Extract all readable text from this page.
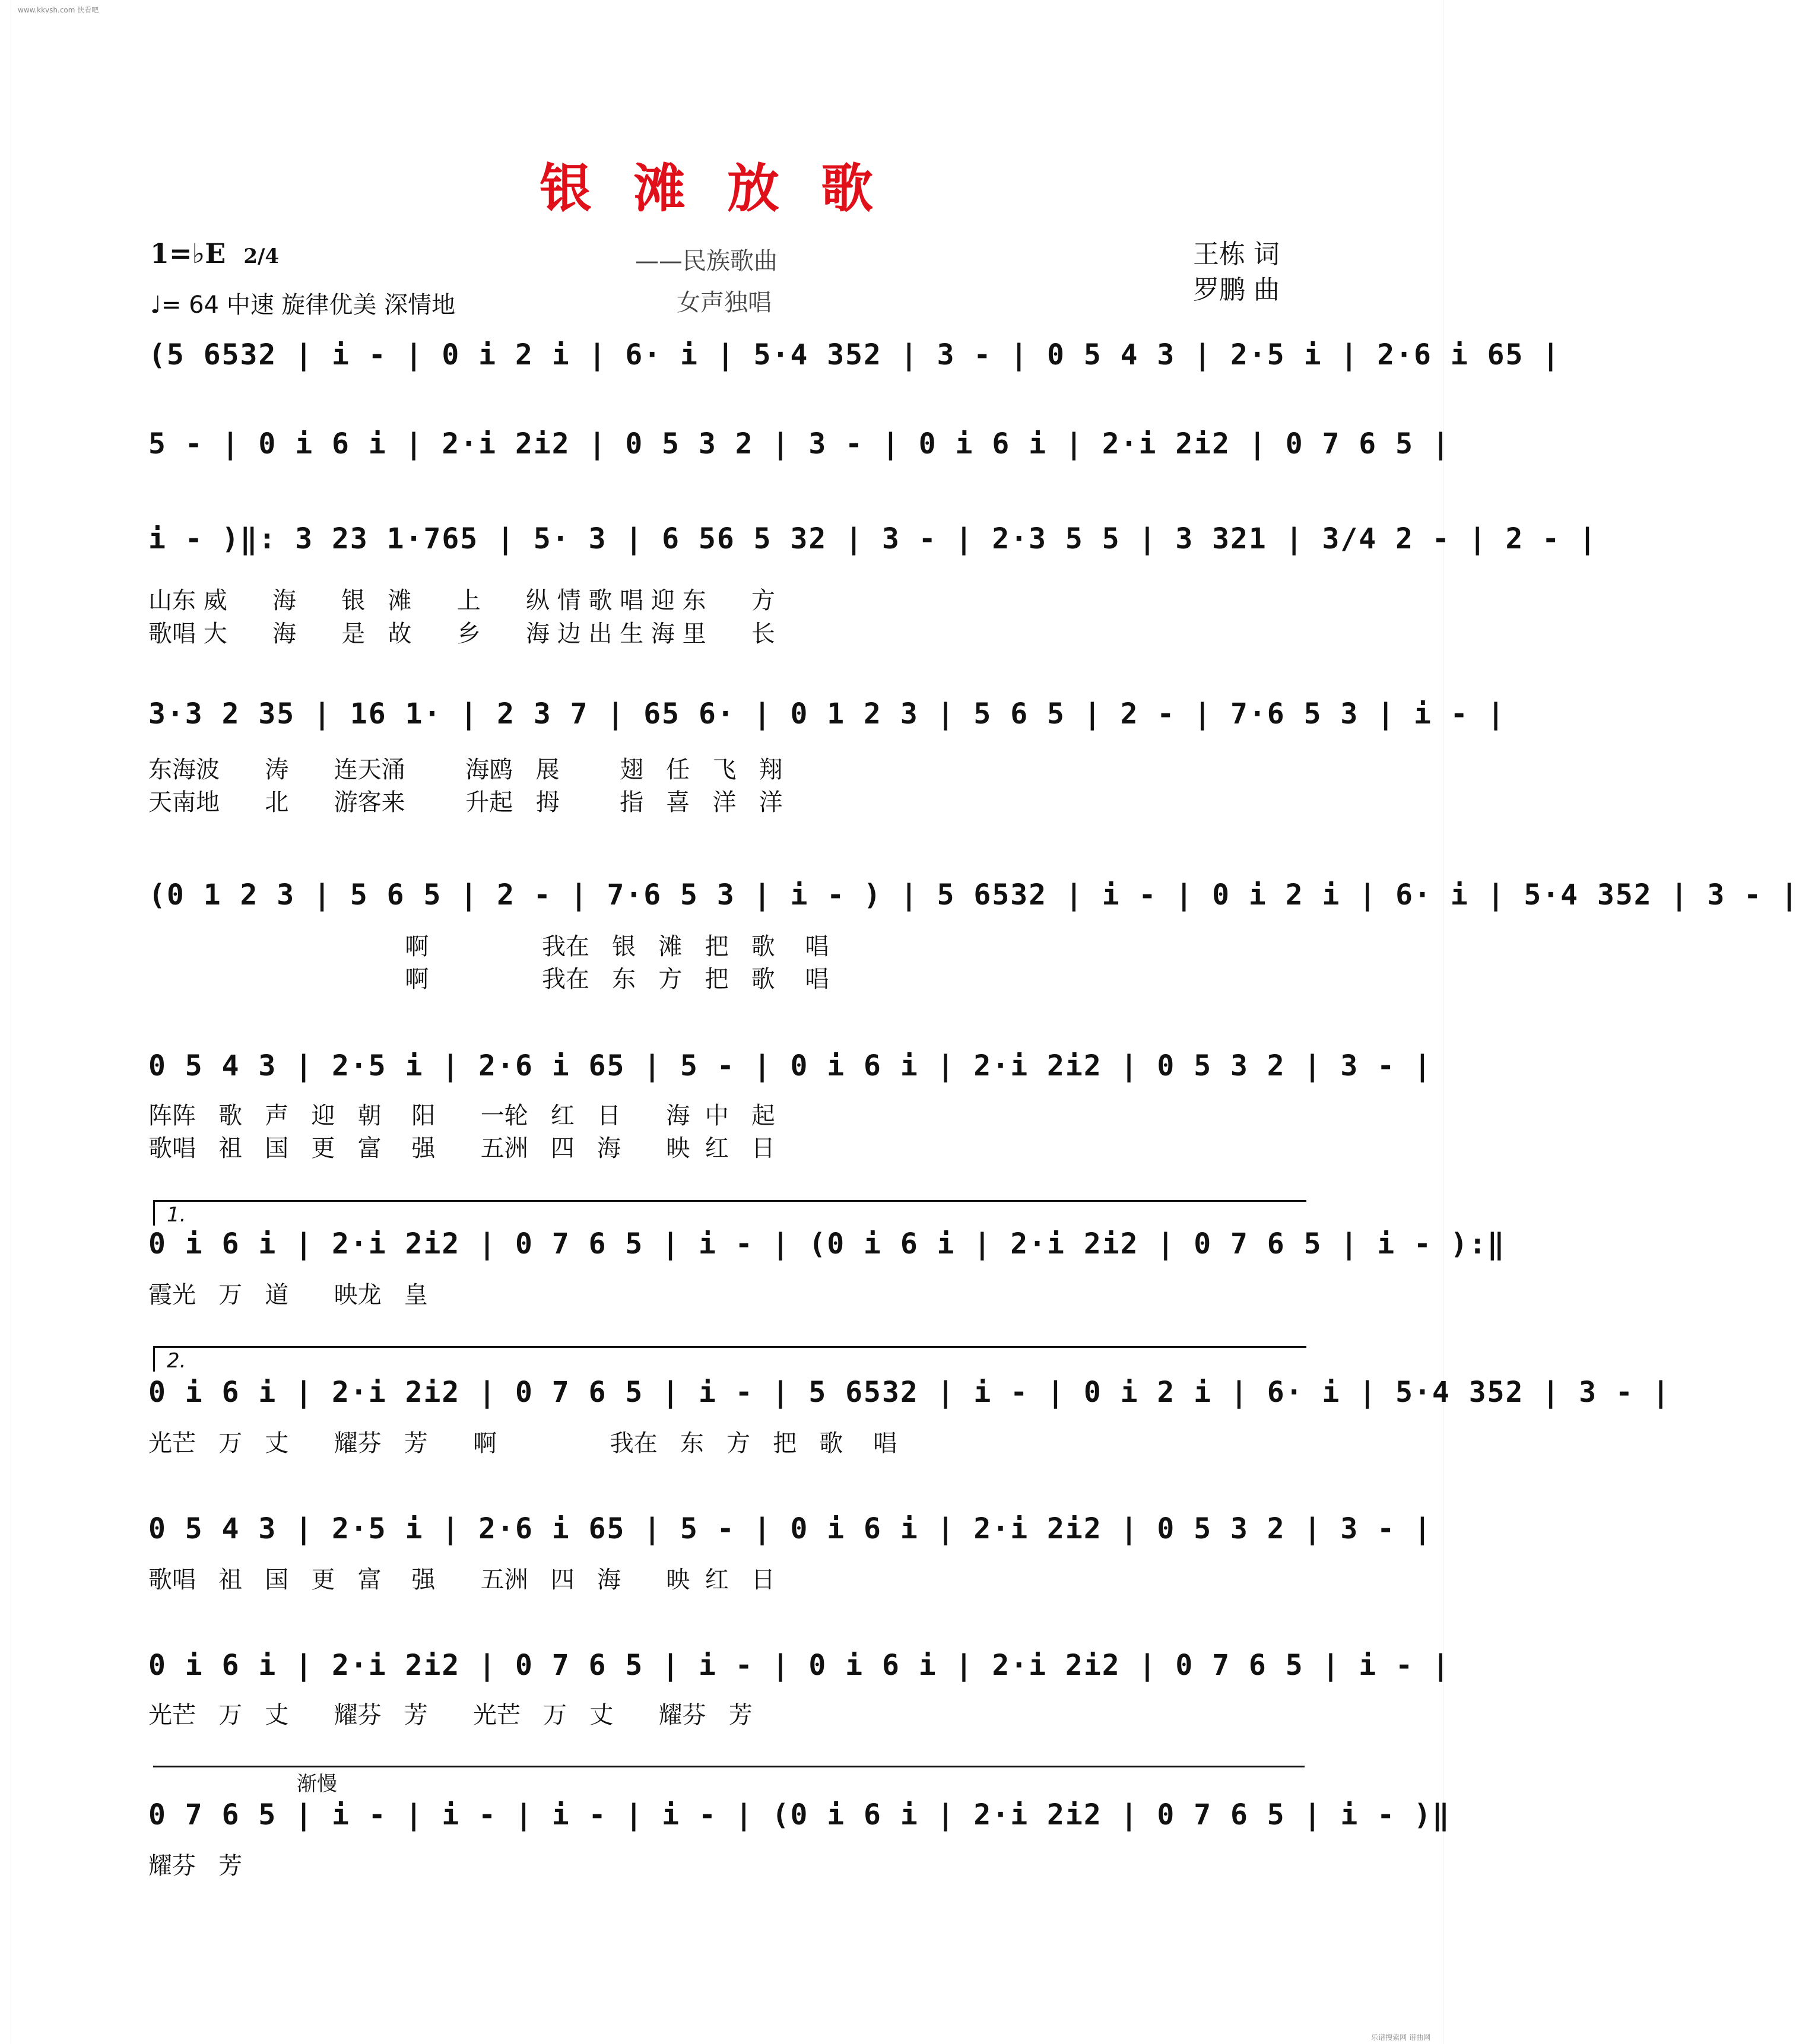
www.kkvsh.com 快看吧
银滩放歌
1=♭E 2/4
♩= 64 中速 旋律优美 深情地
——民族歌曲
女声独唱
王栋 词
罗鹏 曲
(5 6532 | i - | 0 i 2 i | 6· i | 5·4 352 | 3 - | 0 5 4 3 | 2·5 i | 2·6 i 65 |
5 - | 0 i 6 i | 2·i 2i2 | 0 5 3 2 | 3 - | 0 i 6 i | 2·i 2i2 | 0 7 6 5 |
i - )‖: 3 23 1·765 | 5· 3 | 6 56 5 32 | 3 - | 2·3 5 5 | 3 321 | 3/4 2 - | 2 - |
山东 威      海      银   滩      上      纵 情 歌 唱 迎 东      方
歌唱 大      海      是   故      乡      海 边 出 生 海 里      长
3·3 2 35 | 16 1· | 2 3 7 | 65 6· | 0 1 2 3 | 5 6 5 | 2 - | 7·6 5 3 | i - |
东海波      涛      连天涌        海鸥   展        翅   任   飞   翔
天南地      北      游客来        升起   拇        指   喜   洋   洋
(0 1 2 3 | 5 6 5 | 2 - | 7·6 5 3 | i - ) | 5 6532 | i - | 0 i 2 i | 6· i | 5·4 352 | 3 - |
啊               我在   银   滩   把   歌    唱
啊               我在   东   方   把   歌    唱
0 5 4 3 | 2·5 i | 2·6 i 65 | 5 - | 0 i 6 i | 2·i 2i2 | 0 5 3 2 | 3 - |
阵阵   歌   声   迎   朝    阳      一轮   红   日      海  中   起
歌唱   祖   国   更   富    强      五洲   四   海      映  红   日
1.
0 i 6 i | 2·i 2i2 | 0 7 6 5 | i - | (0 i 6 i | 2·i 2i2 | 0 7 6 5 | i - ):‖
霞光   万   道      映龙   皇
2.
0 i 6 i | 2·i 2i2 | 0 7 6 5 | i - | 5 6532 | i - | 0 i 2 i | 6· i | 5·4 352 | 3 - |
光芒   万   丈      耀芬   芳      啊               我在   东   方   把   歌    唱
0 5 4 3 | 2·5 i | 2·6 i 65 | 5 - | 0 i 6 i | 2·i 2i2 | 0 5 3 2 | 3 - |
歌唱   祖   国   更   富    强      五洲   四   海      映  红   日
0 i 6 i | 2·i 2i2 | 0 7 6 5 | i - | 0 i 6 i | 2·i 2i2 | 0 7 6 5 | i - |
光芒   万   丈      耀芬   芳      光芒   万   丈      耀芬   芳
渐慢
0 7 6 5 | i - | i - | i - | i - | (0 i 6 i | 2·i 2i2 | 0 7 6 5 | i - )‖
耀芬   芳
乐谱搜索网 谱曲网
